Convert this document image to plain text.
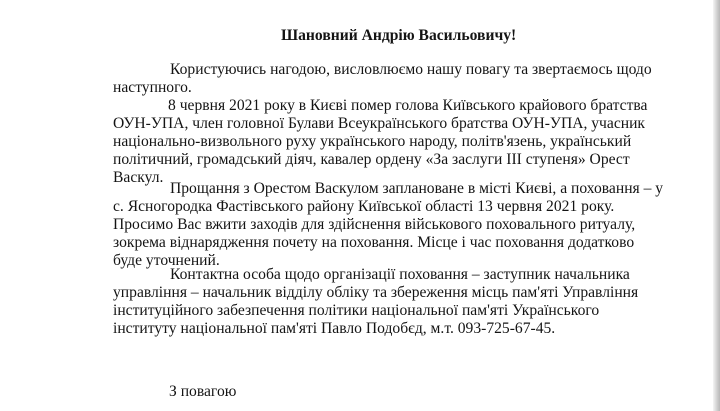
Шановний Андрію Васильовичу!

Користуючись нагодою, висловлюємо нашу повагу та звертаємось щодо

наступного.

8 червня 2021 року в Києві помер голова Київського крайового братства

ОУН-УПА, член головної Булави Всеукраїнського братства ОУН-УПА, учасник

національно-визвольного руху українського народу, політв'язень, український

політичний, громадський діяч, кавалер ордену «За заслуги ІІІ ступеня» Орест

Васкул.

Прощання з Орестом Васкулом заплановане в місті Києві, а поховання – у

с. Ясногородка Фастівського району Київської області 13 червня 2021 року.

Просимо Вас вжити заходів для здійснення військового поховального ритуалу,

зокрема віднарядження почету на поховання. Місце і час поховання додатково

буде уточнений.

Контактна особа щодо організації поховання – заступник начальника

управління – начальник відділу обліку та збереження місць пам'яті Управління

інституційного забезпечення політики національної пам'яті Українського

інституту національної пам'яті Павло Подобєд, м.т. 093-725-67-45.

З повагою
